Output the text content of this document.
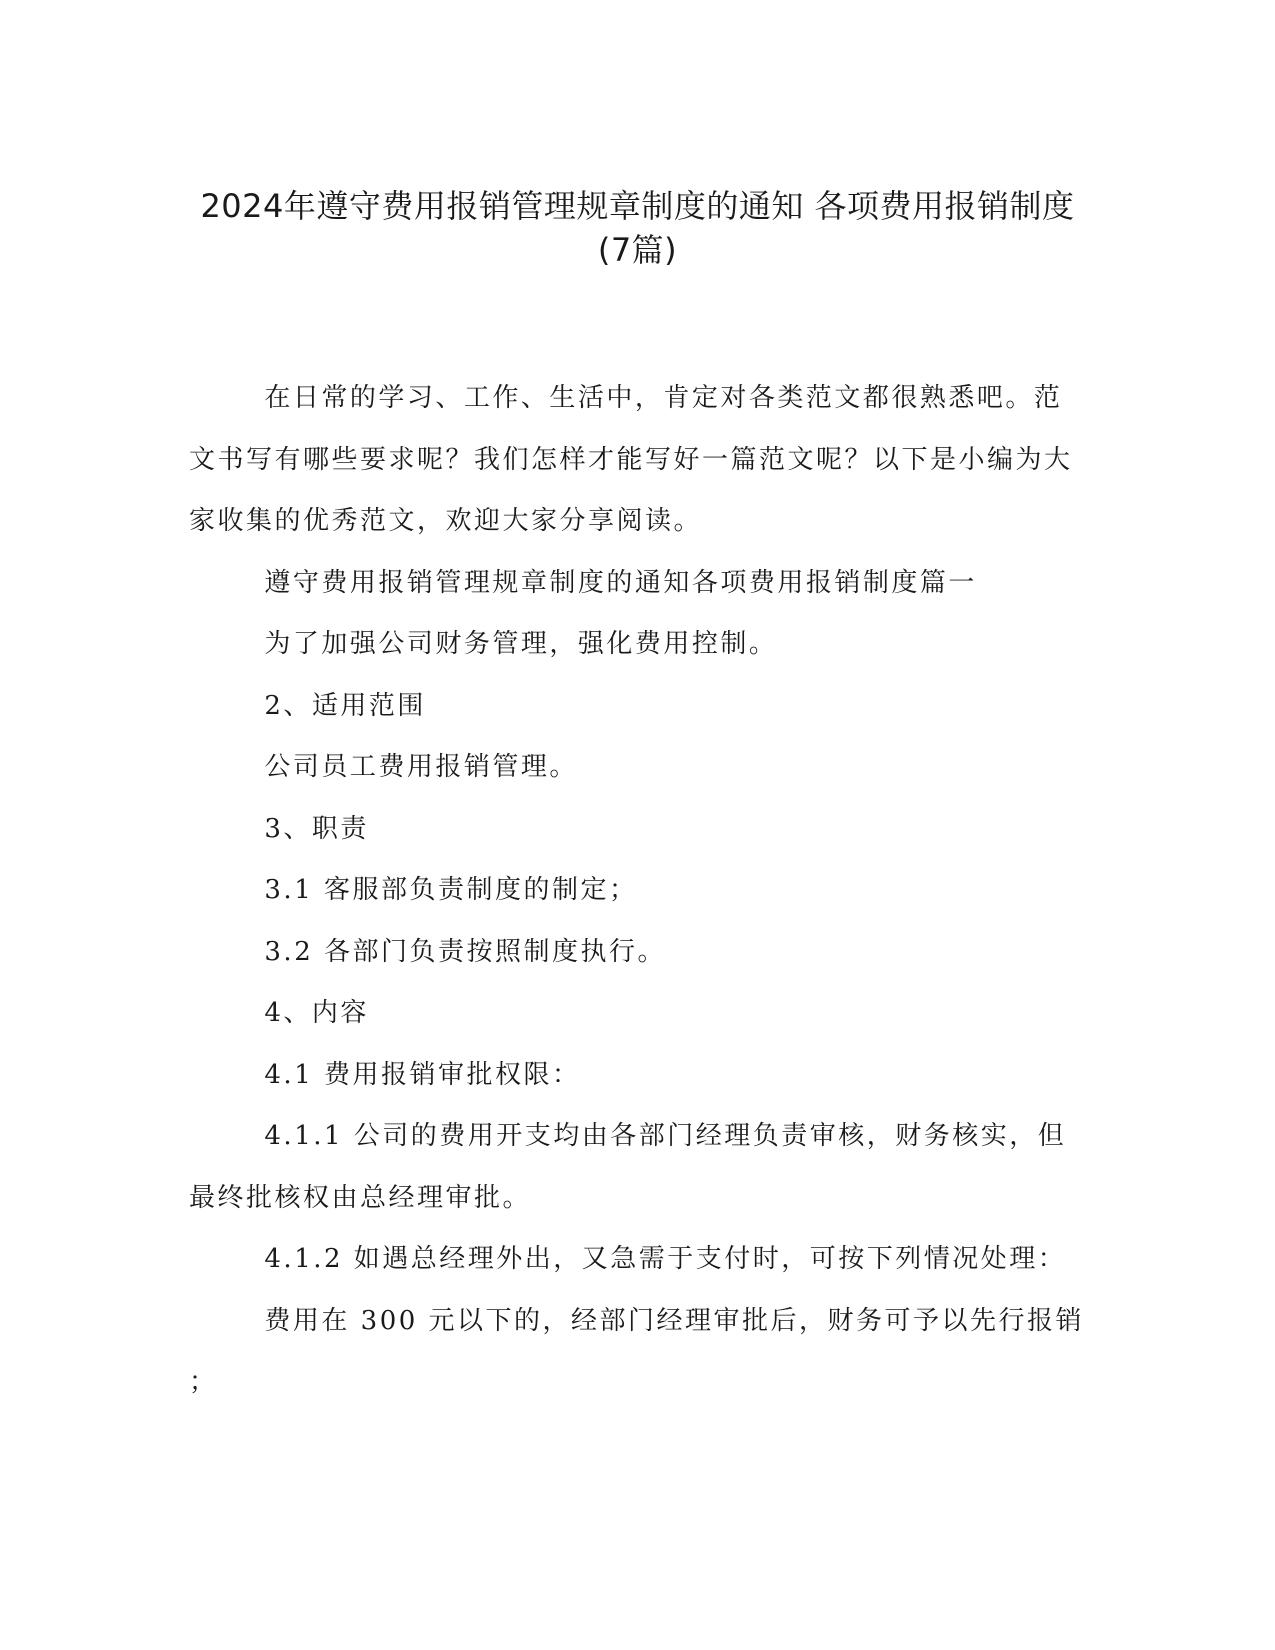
2024年遵守费用报销管理规章制度的通知 各项费用报销制度
(7篇)

在日常的学习、工作、生活中，肯定对各类范文都很熟悉吧。范文书写有哪些要求呢？我们怎样才能写好一篇范文呢？以下是小编为大家收集的优秀范文，欢迎大家分享阅读。

遵守费用报销管理规章制度的通知各项费用报销制度篇一

为了加强公司财务管理，强化费用控制。

2、适用范围

公司员工费用报销管理。

3、职责

3.1 客服部负责制度的制定；

3.2 各部门负责按照制度执行。

4、内容

4.1 费用报销审批权限：

4.1.1 公司的费用开支均由各部门经理负责审核，财务核实，但最终批核权由总经理审批。

4.1.2 如遇总经理外出，又急需于支付时，可按下列情况处理：

费用在 300 元以下的，经部门经理审批后，财务可予以先行报销

；
